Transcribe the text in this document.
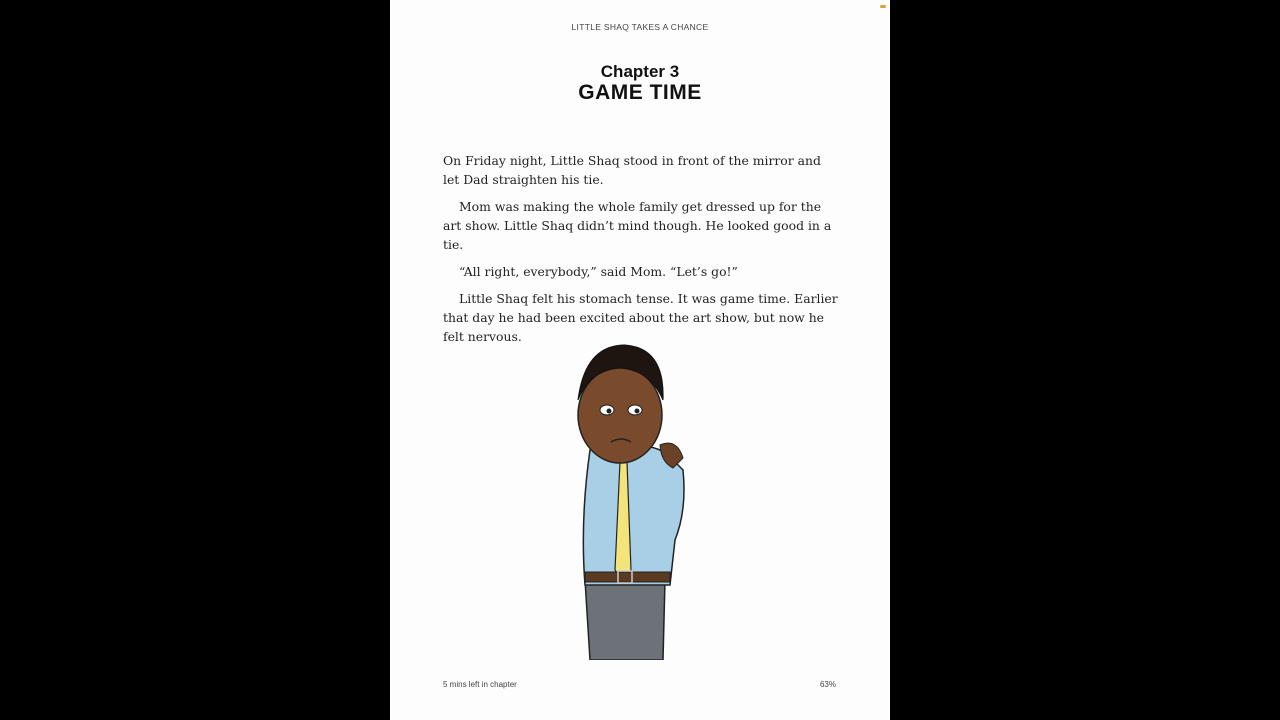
LITTLE SHAQ TAKES A CHANCE
Chapter 3
GAME TIME

On Friday night, Little Shaq stood in front of the mirror and let Dad straighten his tie.

Mom was making the whole family get dressed up for the art show. Little Shaq didn’t mind though. He looked good in a tie.

“All right, everybody,” said Mom. “Let’s go!”

Little Shaq felt his stomach tense. It was game time. Earlier that day he had been excited about the art show, but now he felt nervous.

5 mins left in chapter	63%
